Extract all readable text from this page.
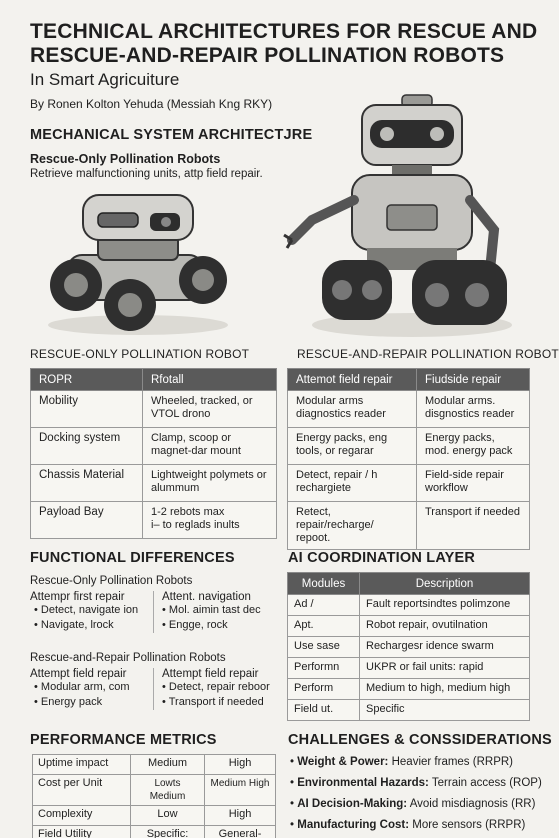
TECHNICAL ARCHITECTURES FOR RESCUE AND RESCUE-AND-REPAIR POLLINATION ROBOTS
In Smart Agricuiture
By Ronen Kolton Yehuda (Messiah Kng RKY)
MECHANICAL SYSTEM ARCHITECTJRE
Rescue-Only Pollination Robots
Retrieve malfunctioning units, attp field repair.
RESCUE-ONLY POLLINATION ROBOT
ROPR	Rfotall
Mobility	Wheeled, tracked, or VTOL drono
Docking system	Clamp, scoop or magnet-dar mount
Chassis Material	Lightweight polymets or alummum
Payload Bay	1-2 rebots max
i– to reglads inults
RESCUE-AND-REPAIR POLLINATION ROBOT
Attemot field repair	Fiudside repair
Modular arms diagnostics reader	Modular arms. disgnostics reader
Energy packs, eng tools, or regarar	Energy packs, mod. energy pack
Detect, repair / h rechargiete	Field-side repair workflow
Retect, repair/recharge/ repoot.	Transport if needed
FUNCTIONAL DIFFERENCES
Rescue-Only Pollination Robots
Attempr first repair
• Detect, navigate ion
• Navigate, lrock
Attent. navigation
• Mol. aimin tast dec
• Engge, rock
Rescue-and-Repair Pollination Robots
Attempt field repair
• Modular arm, com
• Energy pack
Attempt field repair
• Detect, repair reboor
• Transport if needed
AI COORDINATION LAYER
Modules	Description
Ad /	Fault reportsindtes polimzone
Apt.	Robot repair, ovutilnation
Use sase	Rechargesr idence swarm
Performn	UKPR or fail units: rapid
Perform	Medium to high, medium high
Field ut.	Specific
PERFORMANCE METRICS
Uptime impact	Medium	High
Cost per Unit	Lowts Medium	Medium High
Complexity	Low	High
Field Utility	Specific:	General-
CHALLENGES & CONSSIDERATIONS
• Weight & Power: Heavier frames (RRPR)
• Environmental Hazards: Terrain access (ROP)
• AI Decision-Making: Avoid misdiagnosis (RR)
• Manufacturing Cost: More sensors (RRPR)
